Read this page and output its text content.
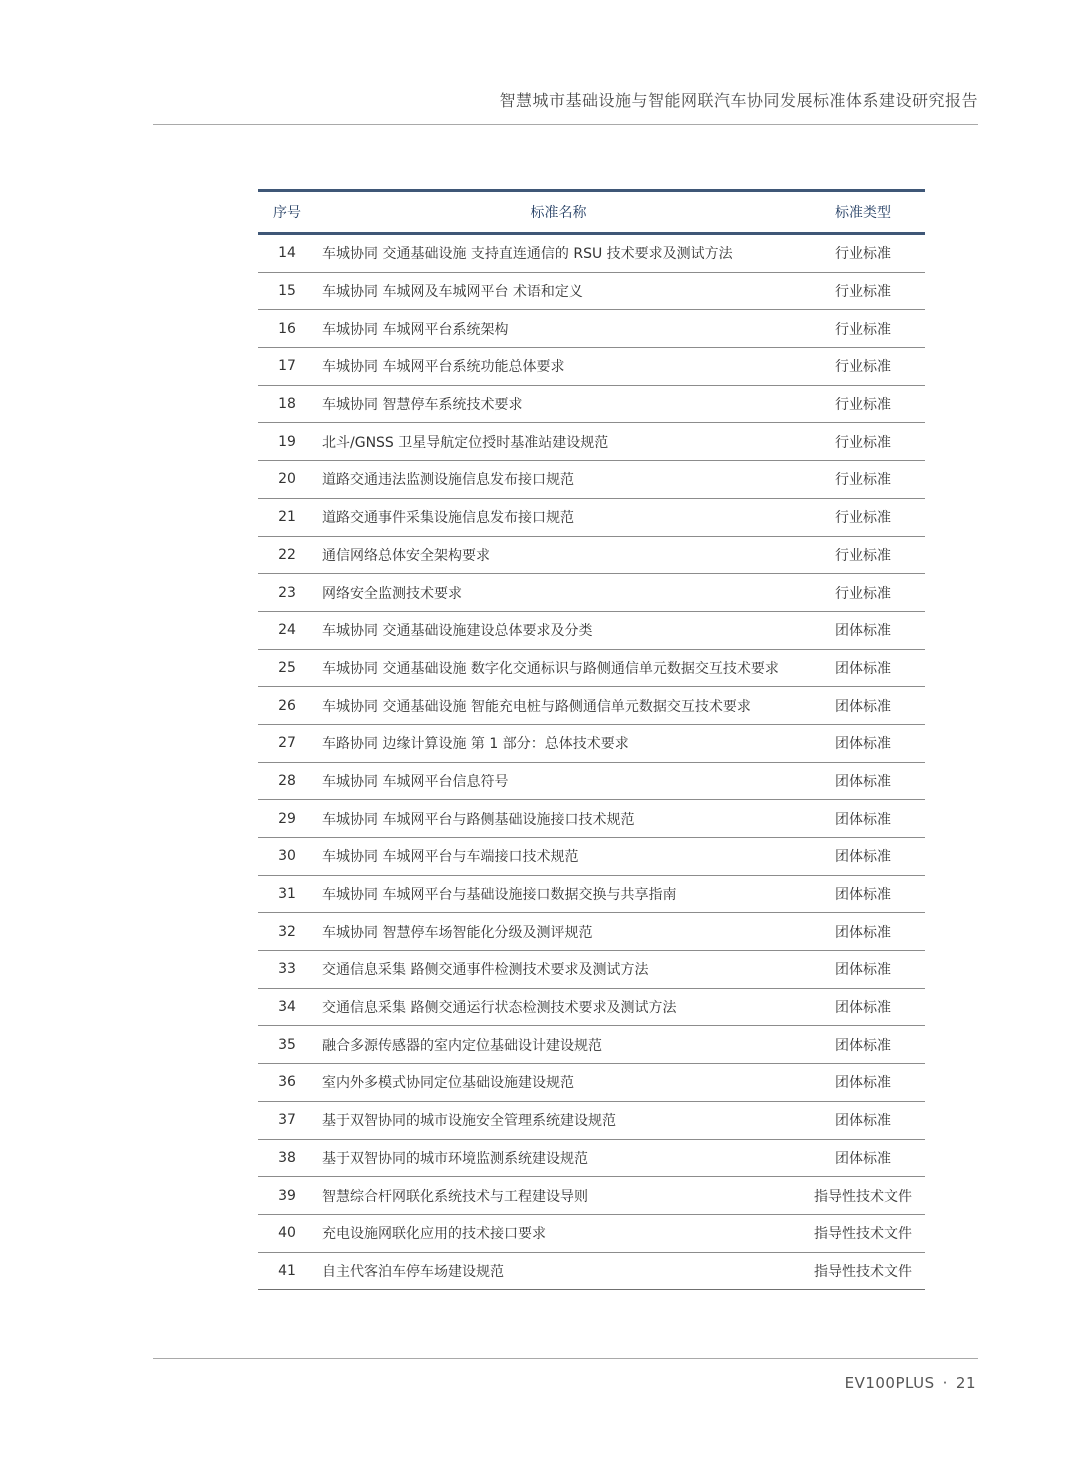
智慧城市基础设施与智能网联汽车协同发展标准体系建设研究报告
序号	标准名称	标准类型
14	车城协同 交通基础设施 支持直连通信的 RSU 技术要求及测试方法	行业标准
15	车城协同 车城网及车城网平台 术语和定义	行业标准
16	车城协同 车城网平台系统架构	行业标准
17	车城协同 车城网平台系统功能总体要求	行业标准
18	车城协同 智慧停车系统技术要求	行业标准
19	北斗/GNSS 卫星导航定位授时基准站建设规范	行业标准
20	道路交通违法监测设施信息发布接口规范	行业标准
21	道路交通事件采集设施信息发布接口规范	行业标准
22	通信网络总体安全架构要求	行业标准
23	网络安全监测技术要求	行业标准
24	车城协同 交通基础设施建设总体要求及分类	团体标准
25	车城协同 交通基础设施 数字化交通标识与路侧通信单元数据交互技术要求	团体标准
26	车城协同 交通基础设施 智能充电桩与路侧通信单元数据交互技术要求	团体标准
27	车路协同 边缘计算设施 第 1 部分：总体技术要求	团体标准
28	车城协同 车城网平台信息符号	团体标准
29	车城协同 车城网平台与路侧基础设施接口技术规范	团体标准
30	车城协同 车城网平台与车端接口技术规范	团体标准
31	车城协同 车城网平台与基础设施接口数据交换与共享指南	团体标准
32	车城协同 智慧停车场智能化分级及测评规范	团体标准
33	交通信息采集 路侧交通事件检测技术要求及测试方法	团体标准
34	交通信息采集 路侧交通运行状态检测技术要求及测试方法	团体标准
35	融合多源传感器的室内定位基础设计建设规范	团体标准
36	室内外多模式协同定位基础设施建设规范	团体标准
37	基于双智协同的城市设施安全管理系统建设规范	团体标准
38	基于双智协同的城市环境监测系统建设规范	团体标准
39	智慧综合杆网联化系统技术与工程建设导则	指导性技术文件
40	充电设施网联化应用的技术接口要求	指导性技术文件
41	自主代客泊车停车场建设规范	指导性技术文件
EV100PLUS · 21
